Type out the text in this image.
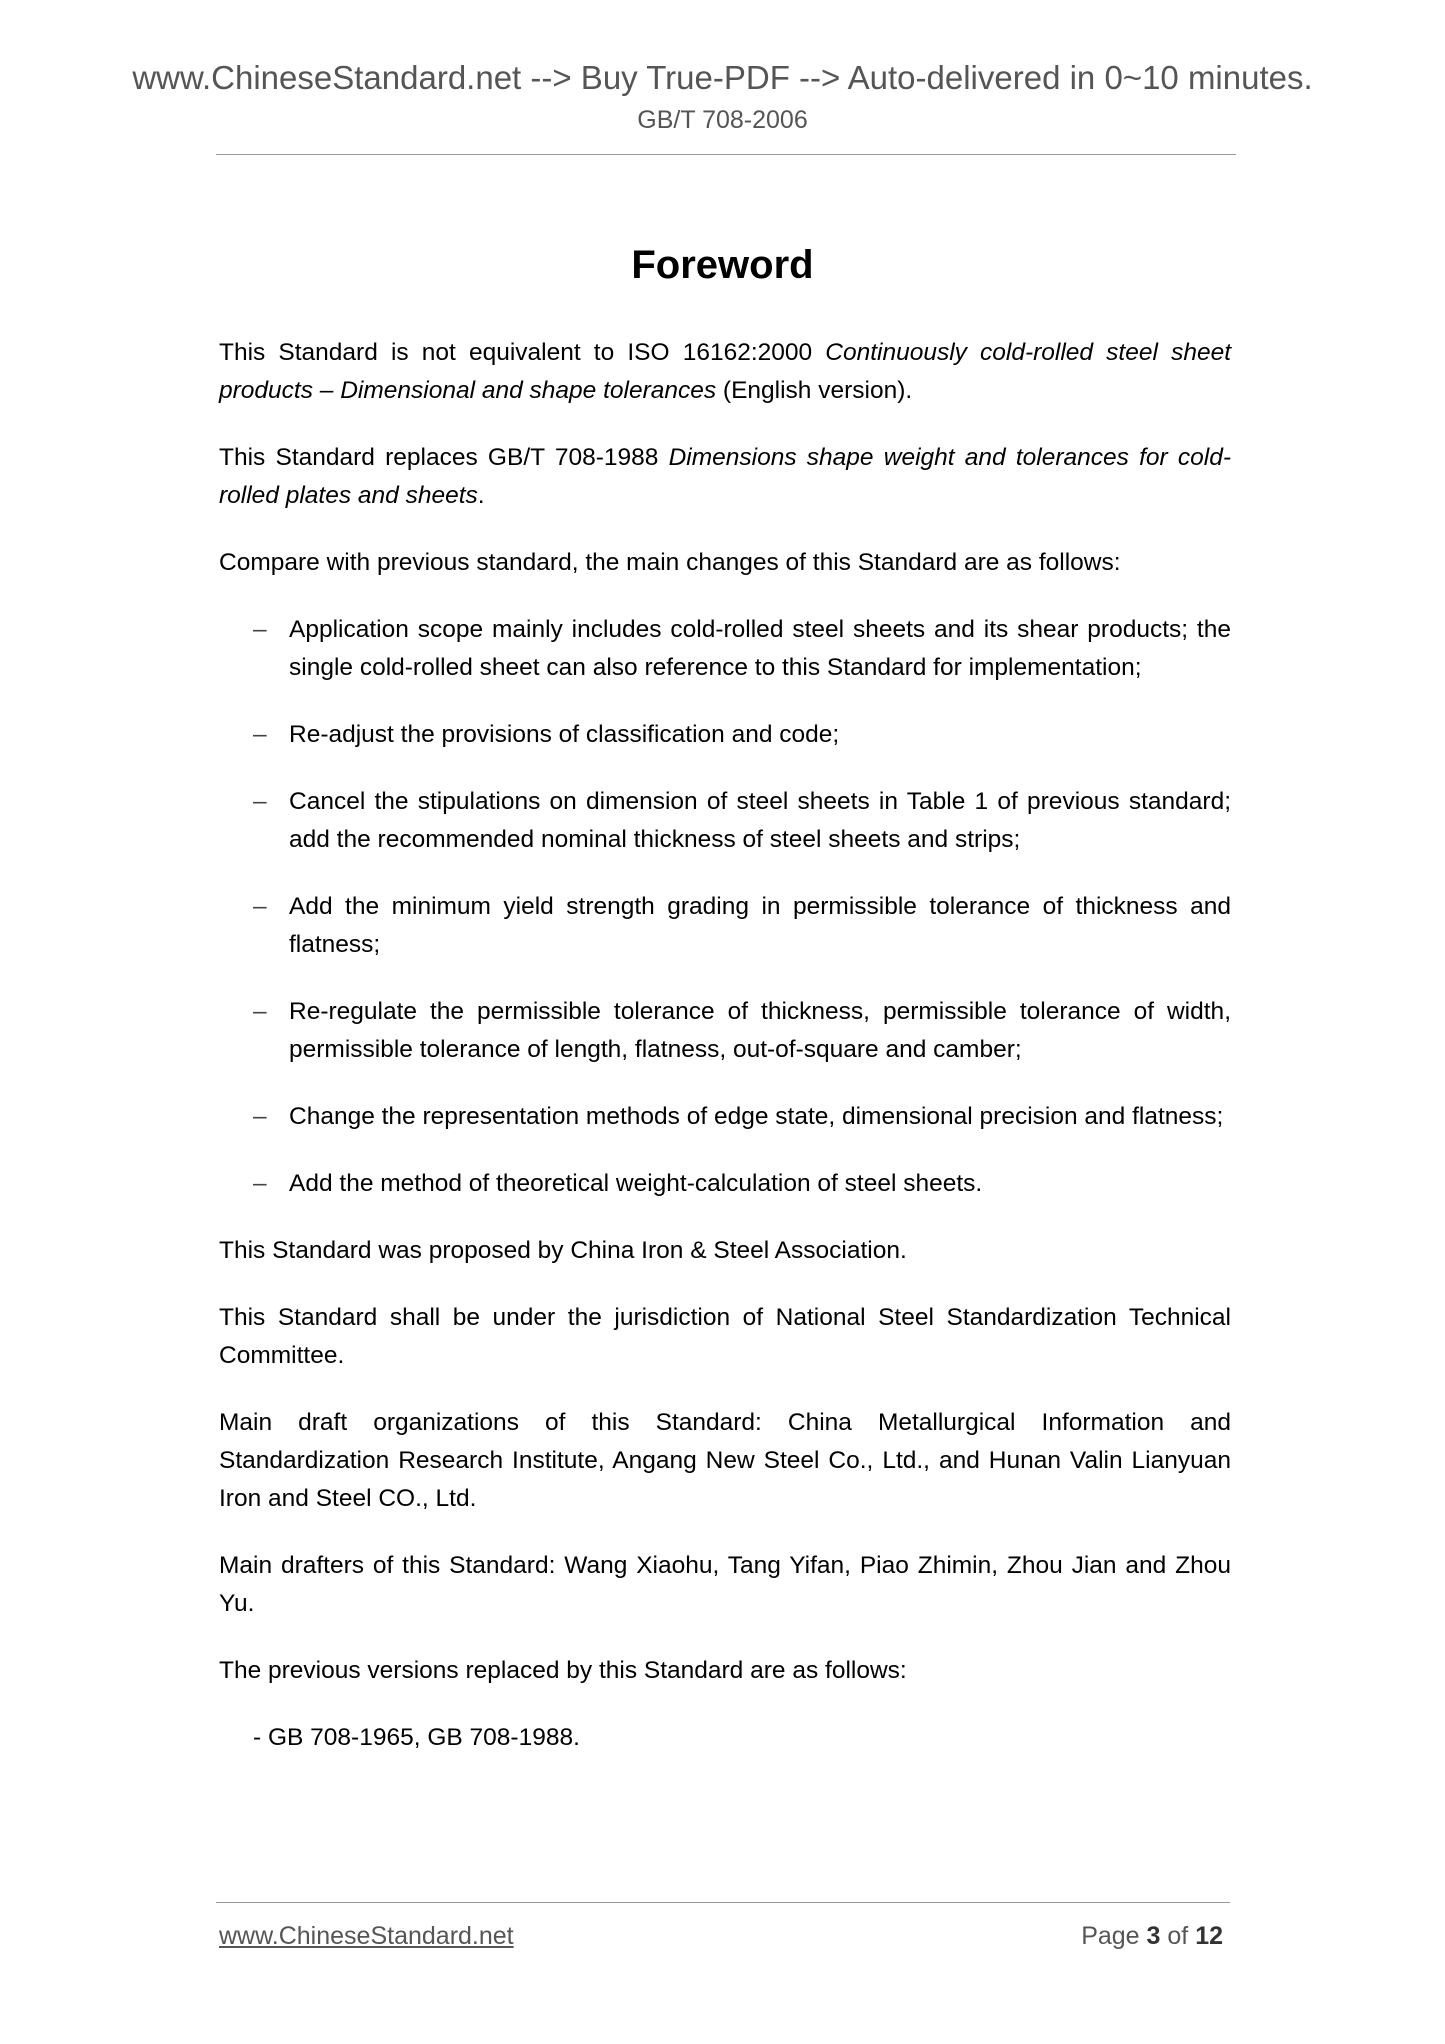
www.ChineseStandard.net --> Buy True-PDF --> Auto-delivered in 0~10 minutes.
GB/T 708-2006
Foreword

This Standard is not equivalent to ISO 16162:2000 Continuously cold-rolled steel sheet products – Dimensional and shape tolerances (English version).

This Standard replaces GB/T 708-1988 Dimensions shape weight and tolerances for cold-rolled plates and sheets.

Compare with previous standard, the main changes of this Standard are as follows:

– Application scope mainly includes cold-rolled steel sheets and its shear products; the single cold-rolled sheet can also reference to this Standard for implementation;
– Re-adjust the provisions of classification and code;
– Cancel the stipulations on dimension of steel sheets in Table 1 of previous standard; add the recommended nominal thickness of steel sheets and strips;
– Add the minimum yield strength grading in permissible tolerance of thickness and flatness;
– Re-regulate the permissible tolerance of thickness, permissible tolerance of width, permissible tolerance of length, flatness, out-of-square and camber;
– Change the representation methods of edge state, dimensional precision and flatness;
– Add the method of theoretical weight-calculation of steel sheets.

This Standard was proposed by China Iron & Steel Association.

This Standard shall be under the jurisdiction of National Steel Standardization Technical Committee.

Main draft organizations of this Standard: China Metallurgical Information and Standardization Research Institute, Angang New Steel Co., Ltd., and Hunan Valin Lianyuan Iron and Steel CO., Ltd.

Main drafters of this Standard: Wang Xiaohu, Tang Yifan, Piao Zhimin, Zhou Jian and Zhou Yu.

The previous versions replaced by this Standard are as follows:

- GB 708-1965, GB 708-1988.

www.ChineseStandard.net	Page 3 of 12
